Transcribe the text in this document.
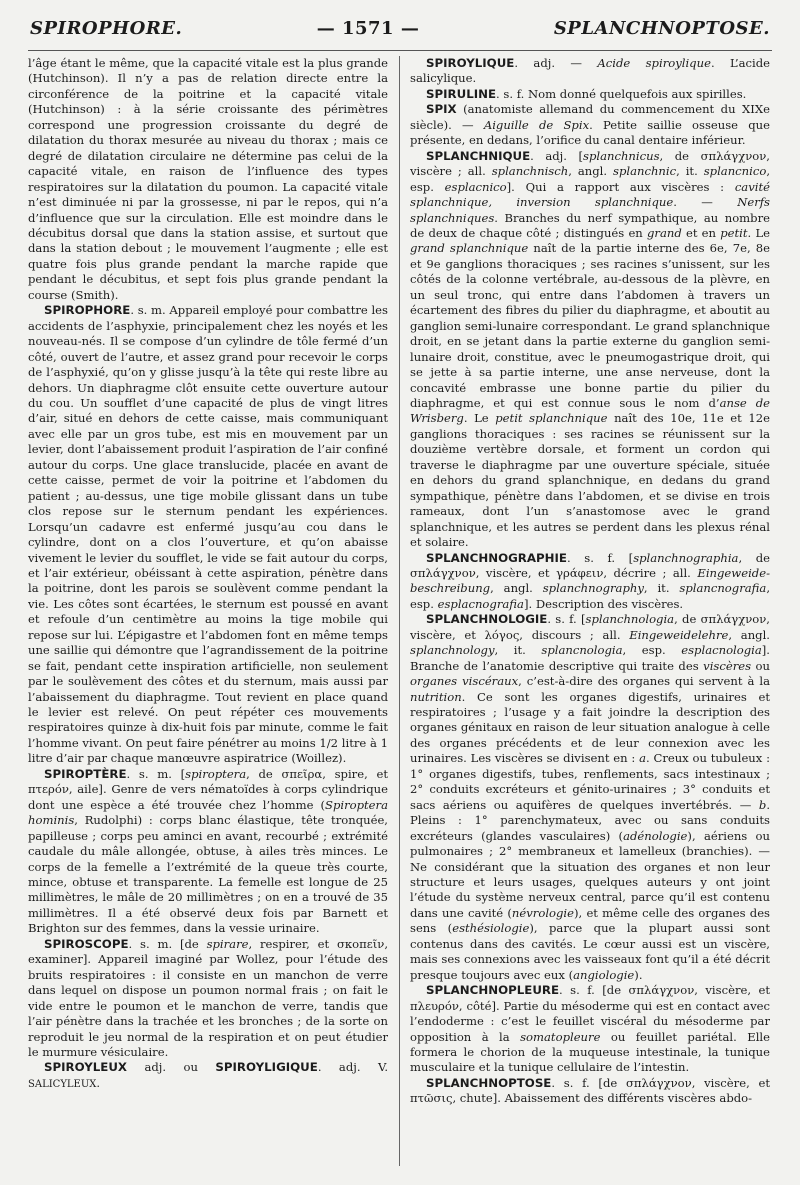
SPIROPHORE.	— 1571 —	SPLANCHNOPTOSE.

l’âge étant le même, que la capacité vitale est la plus grande (Hutchinson). Il n’y a pas de relation directe entre la circonférence de la poitrine et la capacité vitale (Hutchinson) : à la série croissante des périmètres correspond une progression croissante du degré de dilatation du thorax mesurée au niveau du thorax ; mais ce degré de dilatation circulaire ne détermine pas celui de la capacité vitale, en raison de l’influence des types respiratoires sur la dilatation du poumon. La capacité vitale n’est diminuée ni par la grossesse, ni par le repos, qui n’a d’influence que sur la circulation. Elle est moindre dans le décubitus dorsal que dans la station assise, et surtout que dans la station debout ; le mouvement l’augmente ; elle est quatre fois plus grande pendant la marche rapide que pendant le décubitus, et sept fois plus grande pendant la course (Smith).

SPIROPHORE. s. m. Appareil employé pour combattre les accidents de l’asphyxie, principalement chez les noyés et les nouveau-nés. Il se compose d’un cylindre de tôle fermé d’un côté, ouvert de l’autre, et assez grand pour recevoir le corps de l’asphyxié, qu’on y glisse jusqu’à la tête qui reste libre au dehors. Un diaphragme clôt ensuite cette ouverture autour du cou. Un soufflet d’une capacité de plus de vingt litres d’air, situé en dehors de cette caisse, mais communiquant avec elle par un gros tube, est mis en mouvement par un levier, dont l’abaissement produit l’aspiration de l’air confiné autour du corps. Une glace translucide, placée en avant de cette caisse, permet de voir la poitrine et l’abdomen du patient ; au-dessus, une tige mobile glissant dans un tube clos repose sur le sternum pendant les expériences. Lorsqu’un cadavre est enfermé jusqu’au cou dans le cylindre, dont on a clos l’ouverture, et qu’on abaisse vivement le levier du soufflet, le vide se fait autour du corps, et l’air extérieur, obéissant à cette aspiration, pénètre dans la poitrine, dont les parois se soulèvent comme pendant la vie. Les côtes sont écartées, le sternum est poussé en avant et refoule d’un centimètre au moins la tige mobile qui repose sur lui. L’épigastre et l’abdomen font en même temps une saillie qui démontre que l’agrandissement de la poitrine se fait, pendant cette inspiration artificielle, non seulement par le soulèvement des côtes et du sternum, mais aussi par l’abaissement du diaphragme. Tout revient en place quand le levier est relevé. On peut répéter ces mouvements respiratoires quinze à dix-huit fois par minute, comme le fait l’homme vivant. On peut faire pénétrer au moins 1/2 litre à 1 litre d’air par chaque manœuvre aspiratrice (Woillez).

SPIROPTÈRE. s. m. [spiroptera, de σπεῖρα, spire, et πτερόν, aile]. Genre de vers nématoïdes à corps cylindrique dont une espèce a été trouvée chez l’homme (Spiroptera hominis, Rudolphi) : corps blanc élastique, tête tronquée, papilleuse ; corps peu aminci en avant, recourbé ; extrémité caudale du mâle allongée, obtuse, à ailes très minces. Le corps de la femelle a l’extrémité de la queue très courte, mince, obtuse et transparente. La femelle est longue de 25 millimètres, le mâle de 20 millimètres ; on en a trouvé de 35 millimètres. Il a été observé deux fois par Barnett et Brighton sur des femmes, dans la vessie urinaire.

SPIROSCOPE. s. m. [de spirare, respirer, et σκοπεῖν, examiner]. Appareil imaginé par Wollez, pour l’étude des bruits respiratoires : il consiste en un manchon de verre dans lequel on dispose un poumon normal frais ; on fait le vide entre le poumon et le manchon de verre, tandis que l’air pénètre dans la trachée et les bronches ; de la sorte on reproduit le jeu normal de la respiration et on peut étudier le murmure vésiculaire.

SPIROYLEUX adj. ou SPIROYLIGIQUE. adj. V. SALICYLEUX.

SPIROYLIQUE. adj. — Acide spiroylique. L’acide salicylique.

SPIRULINE. s. f. Nom donné quelquefois aux spirilles.

SPIX (anatomiste allemand du commencement du XIXe siècle). — Aiguille de Spix. Petite saillie osseuse que présente, en dedans, l’orifice du canal dentaire inférieur.

SPLANCHNIQUE. adj. [splanchnicus, de σπλάγχνον, viscère ; all. splanchnisch, angl. splanchnic, it. splancnico, esp. esplacnico]. Qui a rapport aux viscères : cavité splanchnique, inversion splanchnique. — Nerfs splanchniques. Branches du nerf sympathique, au nombre de deux de chaque côté ; distingués en grand et en petit. Le grand splanchnique naît de la partie interne des 6e, 7e, 8e et 9e ganglions thoraciques ; ses racines s’unissent, sur les côtés de la colonne vertébrale, au-dessous de la plèvre, en un seul tronc, qui entre dans l’abdomen à travers un écartement des fibres du pilier du diaphragme, et aboutit au ganglion semi-lunaire correspondant. Le grand splanchnique droit, en se jetant dans la partie externe du ganglion semi-lunaire droit, constitue, avec le pneumogastrique droit, qui se jette à sa partie interne, une anse nerveuse, dont la concavité embrasse une bonne partie du pilier du diaphragme, et qui est connue sous le nom d’anse de Wrisberg. Le petit splanchnique naît des 10e, 11e et 12e ganglions thoraciques : ses racines se réunissent sur la douzième vertèbre dorsale, et forment un cordon qui traverse le diaphragme par une ouverture spéciale, située en dehors du grand splanchnique, en dedans du grand sympathique, pénètre dans l’abdomen, et se divise en trois rameaux, dont l’un s’anastomose avec le grand splanchnique, et les autres se perdent dans les plexus rénal et solaire.

SPLANCHNOGRAPHIE. s. f. [splanchnographia, de σπλάγχνον, viscère, et γράφειν, décrire ; all. Eingeweide-beschreibung, angl. splanchnography, it. splancnografia, esp. esplacnografia]. Description des viscères.

SPLANCHNOLOGIE. s. f. [splanchnologia, de σπλάγχνον, viscère, et λόγος, discours ; all. Eingeweidelehre, angl. splanchnology, it. splancnologia, esp. esplacnologia]. Branche de l’anatomie descriptive qui traite des viscères ou organes viscéraux, c’est-à-dire des organes qui servent à la nutrition. Ce sont les organes digestifs, urinaires et respiratoires ; l’usage y a fait joindre la description des organes génitaux en raison de leur situation analogue à celle des organes précédents et de leur connexion avec les urinaires. Les viscères se divisent en : a. Creux ou tubuleux : 1° organes digestifs, tubes, renflements, sacs intestinaux ; 2° conduits excréteurs et génito-urinaires ; 3° conduits et sacs aériens ou aquifères de quelques invertébrés. — b. Pleins : 1° parenchymateux, avec ou sans conduits excréteurs (glandes vasculaires) (adénologie), aériens ou pulmonaires ; 2° membraneux et lamelleux (branchies). — Ne considérant que la situation des organes et non leur structure et leurs usages, quelques auteurs y ont joint l’étude du système nerveux central, parce qu’il est contenu dans une cavité (névrologie), et même celle des organes des sens (esthésiologie), parce que la plupart aussi sont contenus dans des cavités. Le cœur aussi est un viscère, mais ses connexions avec les vaisseaux font qu’il a été décrit presque toujours avec eux (angiologie).

SPLANCHNOPLEURE. s. f. [de σπλάγχνον, viscère, et πλευρόν, côté]. Partie du mésoderme qui est en contact avec l’endoderme : c’est le feuillet viscéral du mésoderme par opposition à la somatopleure ou feuillet pariétal. Elle formera le chorion de la muqueuse intestinale, la tunique musculaire et la tunique cellulaire de l’intestin.

SPLANCHNOPTOSE. s. f. [de σπλάγχνον, viscère, et πτῶσις, chute]. Abaissement des différents viscères abdo-
